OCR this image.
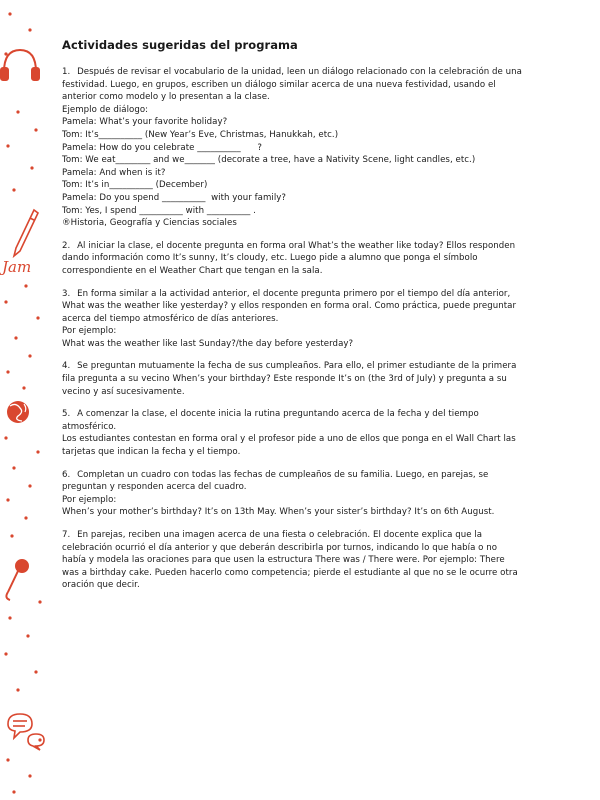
Jam
Actividades sugeridas del programa
1. Después de revisar el vocabulario de la unidad, leen un diálogo relacionado con la celebración de una festividad. Luego, en grupos, escriben un diálogo similar acerca de una nueva festividad, usando el anterior como modelo y lo presentan a la clase.
Ejemplo de diálogo:
Pamela: What’s your favorite holiday?
Tom: It’s__________ (New Year’s Eve, Christmas, Hanukkah, etc.)
Pamela: How do you celebrate __________      ?
Tom: We eat________ and we_______ (decorate a tree, have a Nativity Scene, light candles, etc.)
Pamela: And when is it?
Tom: It’s in__________ (December)
Pamela: Do you spend __________  with your family?
Tom: Yes, I spend __________ with __________ .
®Historia, Geografía y Ciencias sociales
2. Al iniciar la clase, el docente pregunta en forma oral What’s the weather like today? Ellos responden dando información como It’s sunny, It’s cloudy, etc. Luego pide a alumno que ponga el símbolo correspondiente en el Weather Chart que tengan en la sala.
3. En forma similar a la actividad anterior, el docente pregunta primero por el tiempo del día anterior, What was the weather like yesterday? y ellos responden en forma oral. Como práctica, puede preguntar acerca del tiempo atmosférico de días anteriores.
Por ejemplo:
What was the weather like last Sunday?/the day before yesterday?
4. Se preguntan mutuamente la fecha de sus cumpleaños. Para ello, el primer estudiante de la primera fila pregunta a su vecino When’s your birthday? Este responde It’s on (the 3rd of July) y pregunta a su vecino y así sucesivamente.
5. A comenzar la clase, el docente inicia la rutina preguntando acerca de la fecha y del tiempo atmosférico.
Los estudiantes contestan en forma oral y el profesor pide a uno de ellos que ponga en el Wall Chart las tarjetas que indican la fecha y el tiempo.
6. Completan un cuadro con todas las fechas de cumpleaños de su familia. Luego, en parejas, se preguntan y responden acerca del cuadro.
Por ejemplo:
When’s your mother’s birthday? It’s on 13th May. When’s your sister’s birthday? It’s on 6th August.
7. En parejas, reciben una imagen acerca de una fiesta o celebración. El docente explica que la celebración ocurrió el día anterior y que deberán describirla por turnos, indicando lo que había o no había y modela las oraciones para que usen la estructura There was / There were. Por ejemplo: There was a birthday cake. Pueden hacerlo como competencia; pierde el estudiante al que no se le ocurre otra oración que decir.
